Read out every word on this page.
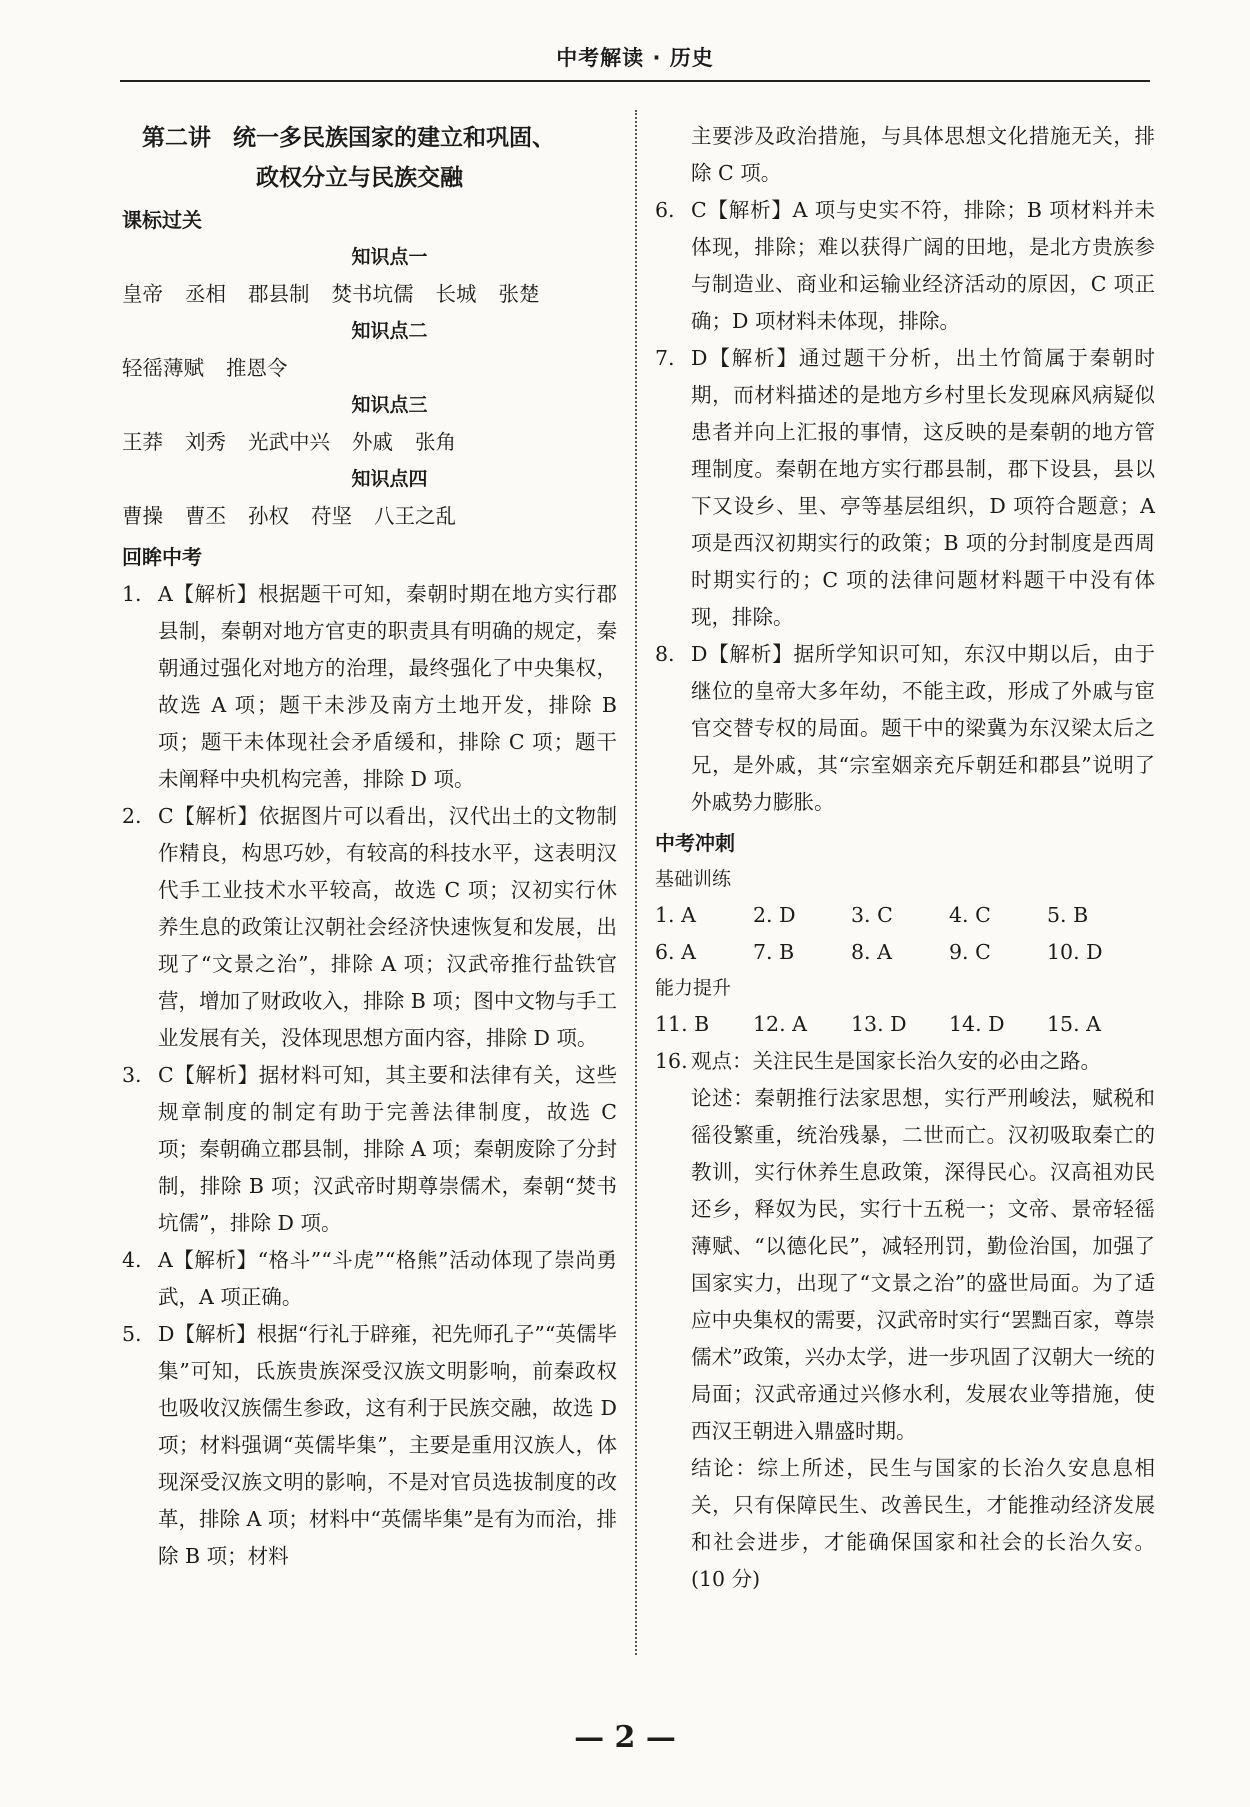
中考解读 · 历史
第二讲 统一多民族国家的建立和巩固、
政权分立与民族交融
课标过关
知识点一
皇帝 丞相 郡县制 焚书坑儒 长城 张楚
知识点二
轻徭薄赋 推恩令
知识点三
王莽 刘秀 光武中兴 外戚 张角
知识点四
曹操 曹丕 孙权 苻坚 八王之乱
回眸中考
1. A【解析】根据题干可知，秦朝时期在地方实行郡县制，秦朝对地方官吏的职责具有明确的规定，秦朝通过强化对地方的治理，最终强化了中央集权，故选 A 项；题干未涉及南方土地开发，排除 B 项；题干未体现社会矛盾缓和，排除 C 项；题干未阐释中央机构完善，排除 D 项。
2. C【解析】依据图片可以看出，汉代出土的文物制作精良，构思巧妙，有较高的科技水平，这表明汉代手工业技术水平较高，故选 C 项；汉初实行休养生息的政策让汉朝社会经济快速恢复和发展，出现了“文景之治”，排除 A 项；汉武帝推行盐铁官营，增加了财政收入，排除 B 项；图中文物与手工业发展有关，没体现思想方面内容，排除 D 项。
3. C【解析】据材料可知，其主要和法律有关，这些规章制度的制定有助于完善法律制度，故选 C 项；秦朝确立郡县制，排除 A 项；秦朝废除了分封制，排除 B 项；汉武帝时期尊崇儒术，秦朝“焚书坑儒”，排除 D 项。
4. A【解析】“格斗”“斗虎”“格熊”活动体现了崇尚勇武，A 项正确。
5. D【解析】根据“行礼于辟雍，祀先师孔子”“英儒毕集”可知，氐族贵族深受汉族文明影响，前秦政权也吸收汉族儒生参政，这有利于民族交融，故选 D 项；材料强调“英儒毕集”，主要是重用汉族人，体现深受汉族文明的影响，不是对官员选拔制度的改革，排除 A 项；材料中“英儒毕集”是有为而治，排除 B 项；材料
主要涉及政治措施，与具体思想文化措施无关，排除 C 项。
6. C【解析】A 项与史实不符，排除；B 项材料并未体现，排除；难以获得广阔的田地，是北方贵族参与制造业、商业和运输业经济活动的原因，C 项正确；D 项材料未体现，排除。
7. D【解析】通过题干分析，出土竹简属于秦朝时期，而材料描述的是地方乡村里长发现麻风病疑似患者并向上汇报的事情，这反映的是秦朝的地方管理制度。秦朝在地方实行郡县制，郡下设县，县以下又设乡、里、亭等基层组织，D 项符合题意；A 项是西汉初期实行的政策；B 项的分封制度是西周时期实行的；C 项的法律问题材料题干中没有体现，排除。
8. D【解析】据所学知识可知，东汉中期以后，由于继位的皇帝大多年幼，不能主政，形成了外戚与宦官交替专权的局面。题干中的梁冀为东汉梁太后之兄，是外戚，其“宗室姻亲充斥朝廷和郡县”说明了外戚势力膨胀。
中考冲刺
基础训练
1. A	2. D	3. C	4. C	5. B
6. A	7. B	8. A	9. C	10. D
能力提升
11. B	12. A	13. D	14. D	15. A
16. 观点：关注民生是国家长治久安的必由之路。
论述：秦朝推行法家思想，实行严刑峻法，赋税和徭役繁重，统治残暴，二世而亡。汉初吸取秦亡的教训，实行休养生息政策，深得民心。汉高祖劝民还乡，释奴为民，实行十五税一；文帝、景帝轻徭薄赋、“以德化民”，减轻刑罚，勤俭治国，加强了国家实力，出现了“文景之治”的盛世局面。为了适应中央集权的需要，汉武帝时实行“罢黜百家，尊崇儒术”政策，兴办太学，进一步巩固了汉朝大一统的局面；汉武帝通过兴修水利，发展农业等措施，使西汉王朝进入鼎盛时期。
结论：综上所述，民生与国家的长治久安息息相关，只有保障民生、改善民生，才能推动经济发展和社会进步，才能确保国家和社会的长治久安。(10 分)
— 2 —
